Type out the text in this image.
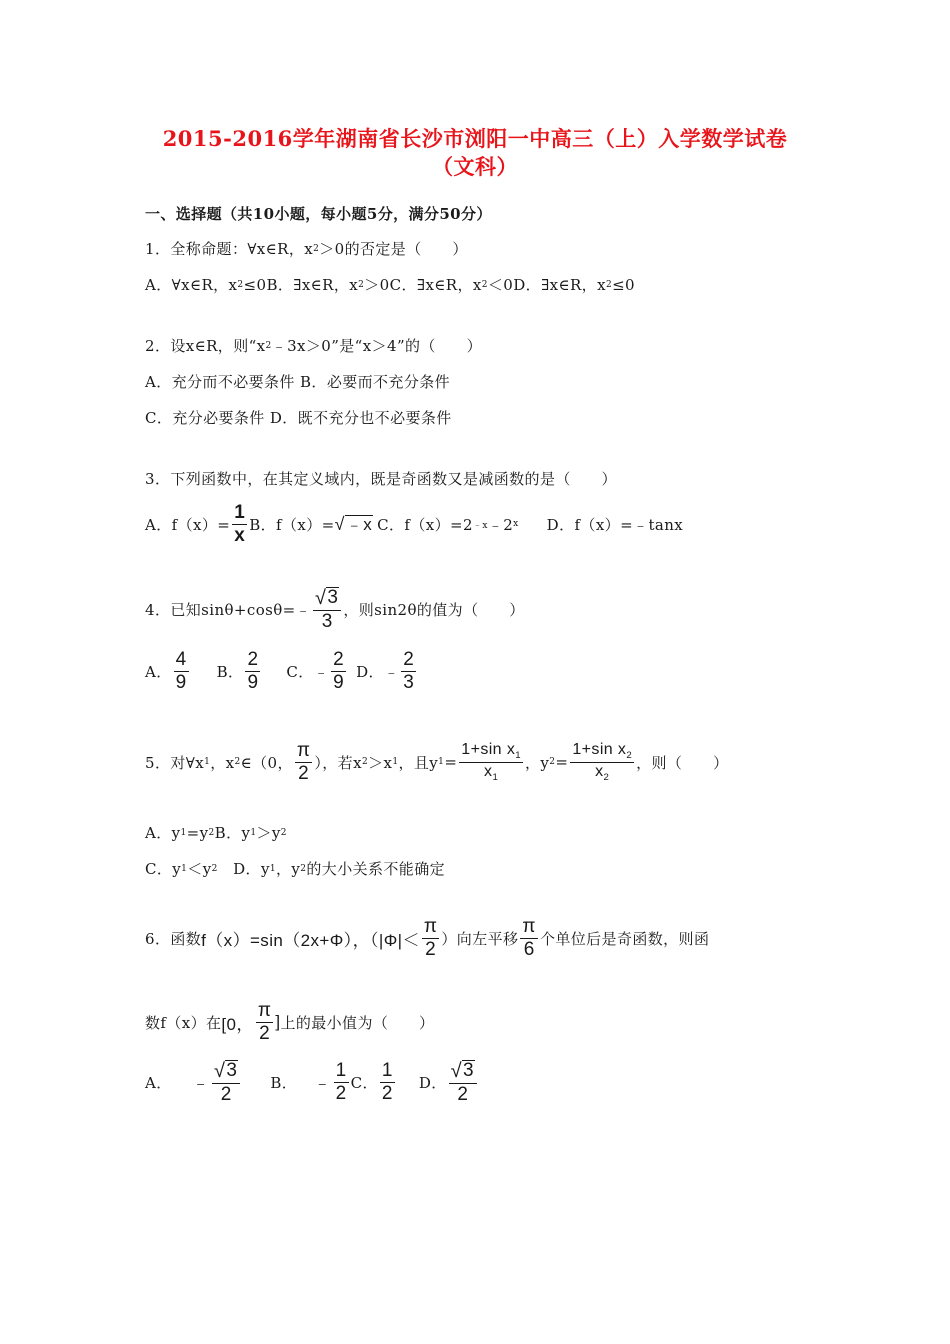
2015-2016学年湖南省长沙市浏阳一中高三（上）入学数学试卷
（文科）
一、选择题（共10小题，每小题5分，满分50分）
1．全称命题：∀x∈R，x 2 ＞0的否定是（　　）
A．∀x∈R，x 2 ≤0B．∃x∈R，x 2 ＞0C．∃x∈R，x 2 ＜0D．∃x∈R，x 2 ≤0
2．设x∈R，则“x 2 ﹣3x＞0”是“x＞4”的（　　）
A．充分而不必要条件 B．必要而不充分条件
C．充分必要条件 D．既不充分也不必要条件
3．下列函数中，在其定义域内，既是奇函数又是减函数的是（　　）
A．$f(x)= \frac{1}{x}$ B．f（x）= √ ﹣x C．f（x）=2 ﹣x ﹣2 x D．f（x）=﹣tanx
4．已知sinθ+cosθ=﹣ $\frac{√ 3}{3}$ ，则sin2θ的值为（　　）
A． $\frac{4}{9}$ B． $\frac{2}{9}$ C．﹣ $\frac{2}{9}$ D．﹣ $\frac{2}{3}$
5．对∀x 1 ，x 2 ∈（0， $\frac{\pi}{2}$ ），若x 2 ＞x 1 ，且y $1 = \frac{1+\sin x_1}{x_1}$ ，y $2 = \frac{1+\sin x_2}{x_2}$ ，则（　　）
A．y 1 =y 2 B．y 1 ＞y 2
C．y 1 ＜y 2 　D．y 1 ，y 2 的大小关系不能确定
6．函数 f（x）=sin（2x+Φ），（$|\Phi|< \frac{\pi}{2}$ ）向左平移 $\frac{\pi}{6}$ 个单位后是奇函数，则函
数f（x）在 [0， $\frac{\pi}{2}$ ] 上的最小值为（　　）
A． ﹣ $\frac{√ 3}{2}$ B． ﹣ $\frac{1}{2}$ C． $\frac{1}{2}$ D． $\frac{√ 3}{2}$
